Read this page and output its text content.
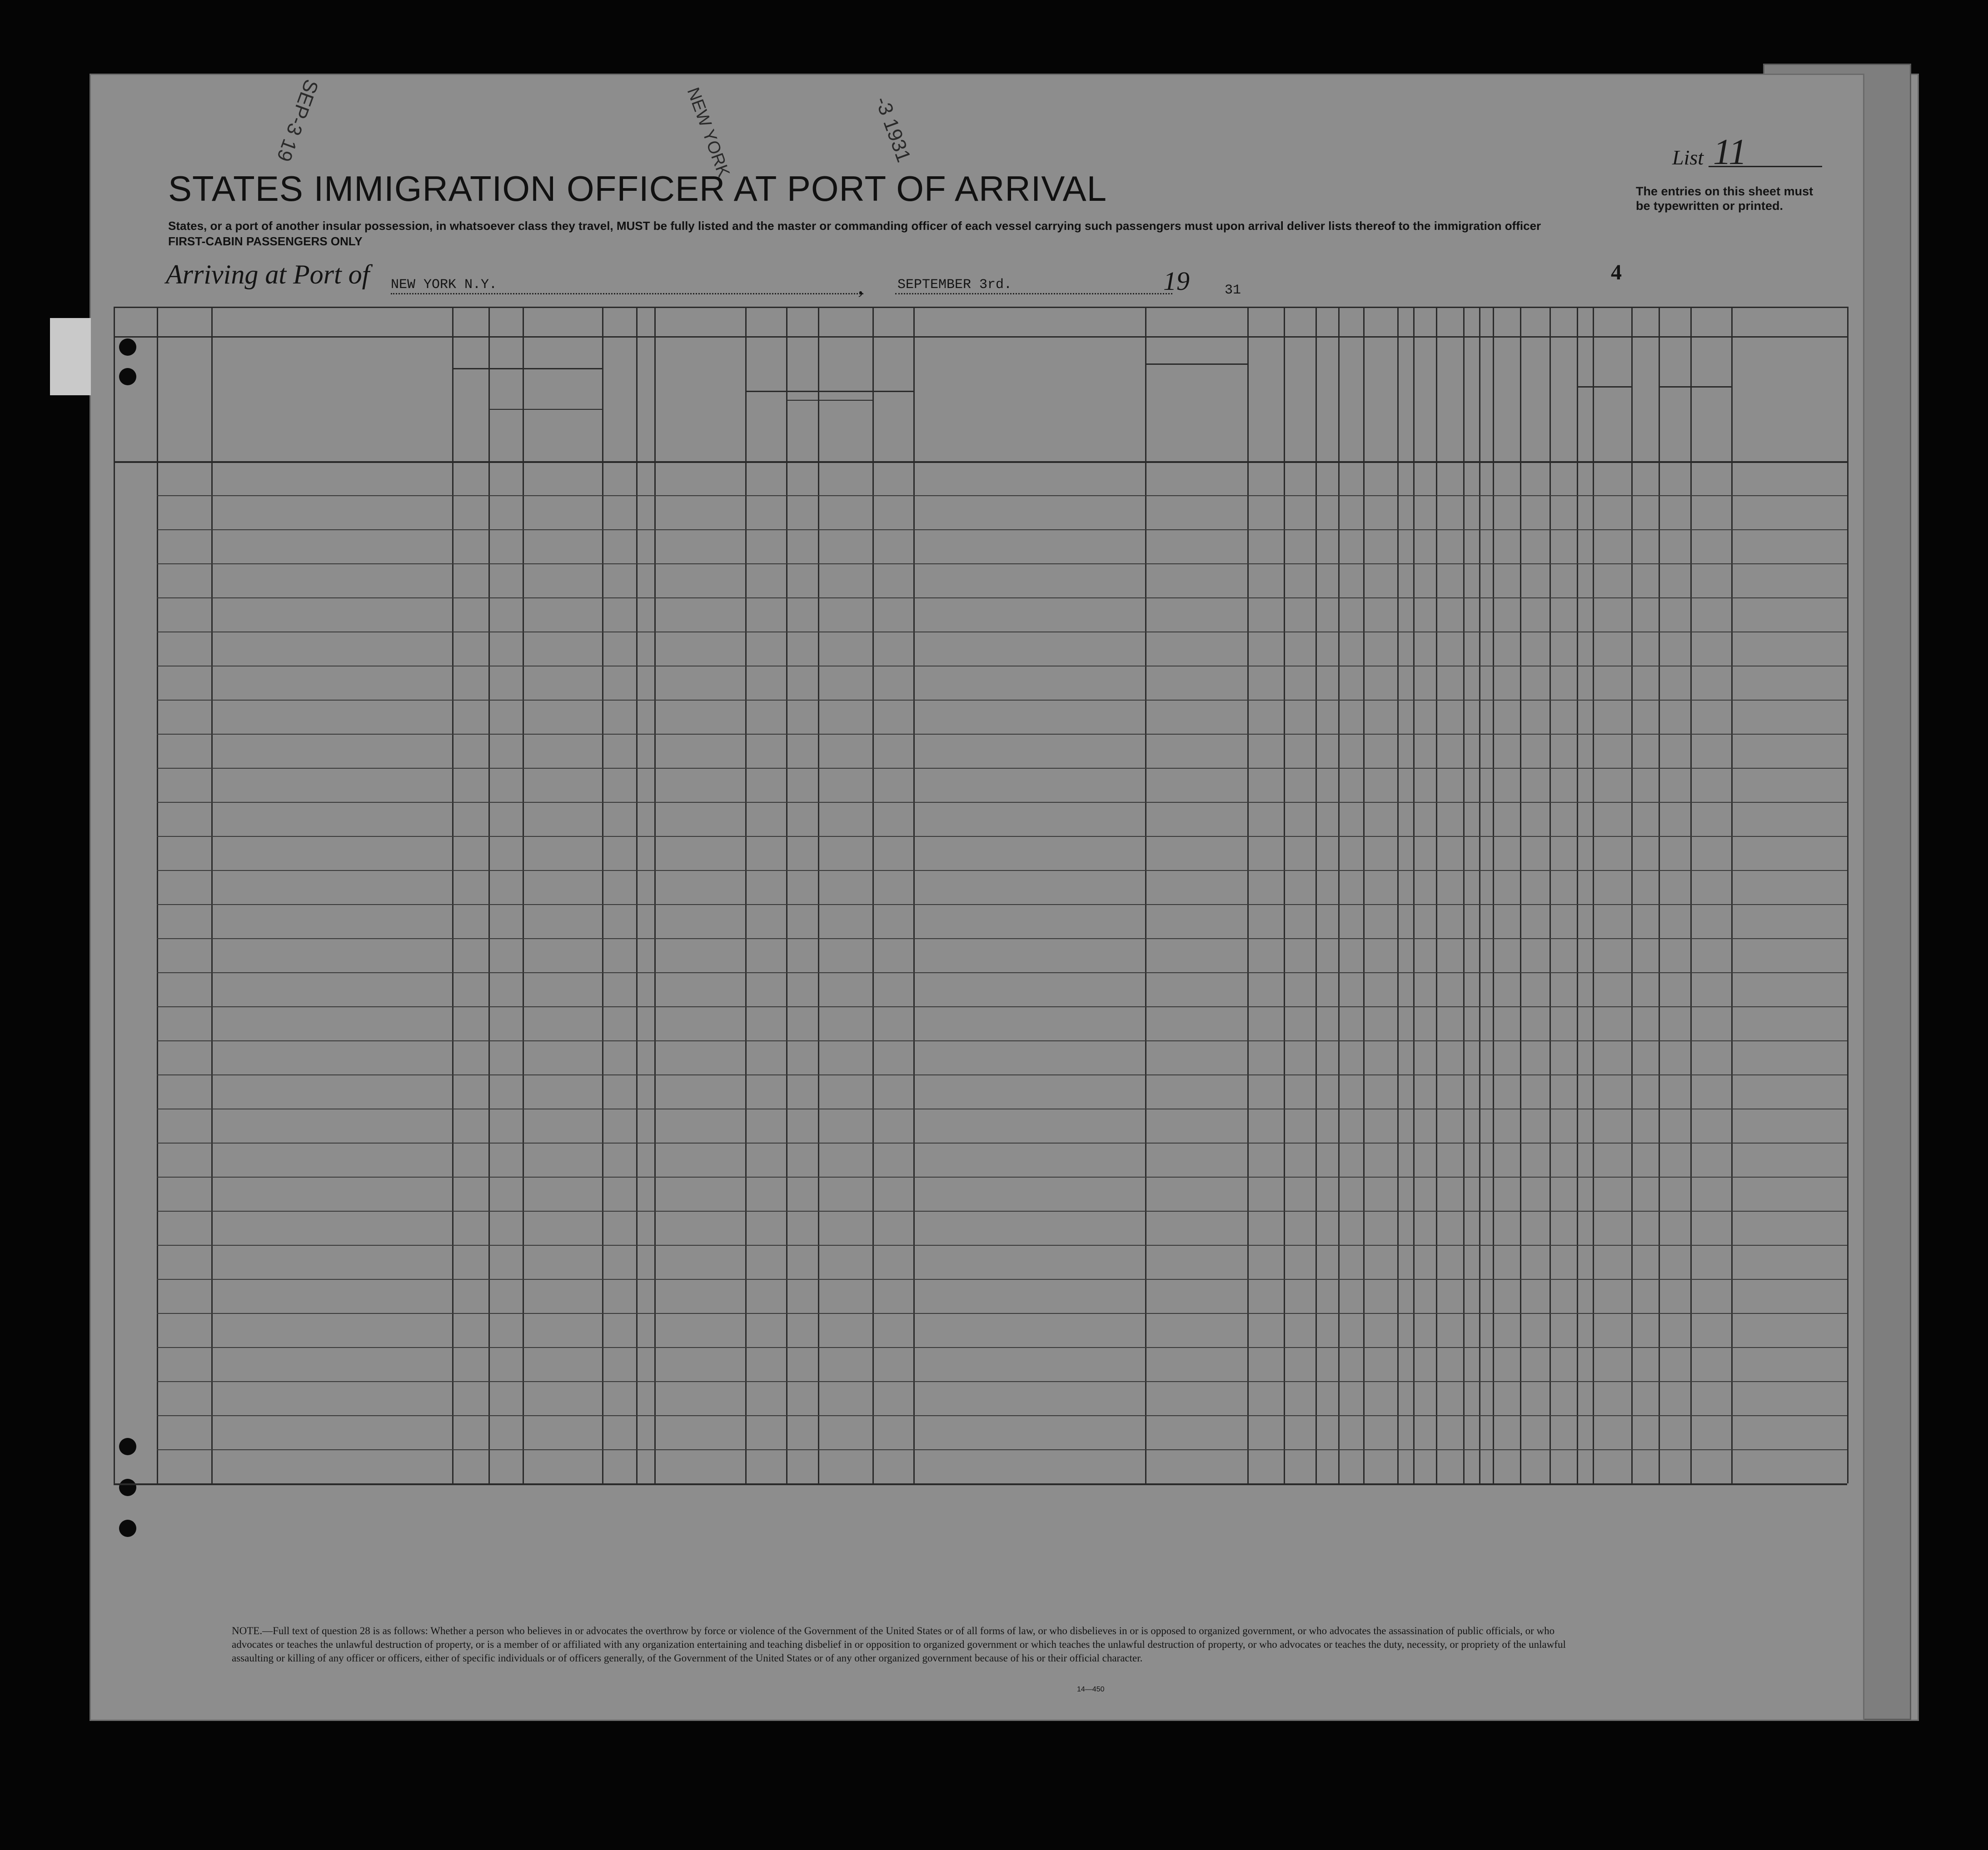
SEP-3 19	NEW YORK	-3 1931
STATES IMMIGRATION OFFICER AT PORT OF ARRIVAL
States, or a port of another insular possession, in whatsoever class they travel, MUST be fully listed and the master or commanding officer of each vessel carrying such passengers must upon arrival deliver lists thereof to the immigration officer
FIRST-CABIN PASSENGERS ONLY
List 11
The entries on this sheet must be typewritten or printed.
Arriving at Port of NEW YORK N.Y.	, SEPTEMBER 3rd.	19	31
4
NOTE.—Full text of question 28 is as follows: Whether a person who believes in or advocates the overthrow by force or violence of the Government of the United States or of all forms of law, or who disbelieves in or is opposed to organized government, or who advocates the assassination of public officials, or who advocates or teaches the unlawful destruction of property, or is a member of or affiliated with any organization entertaining and teaching disbelief in or opposition to organized government or which teaches the unlawful destruction of property, or who advocates or teaches the duty, necessity, or propriety of the unlawful assaulting or killing of any officer or officers, either of specific individuals or of officers generally, of the Government of the United States or of any other organized government because of his or their official character.
14—450
